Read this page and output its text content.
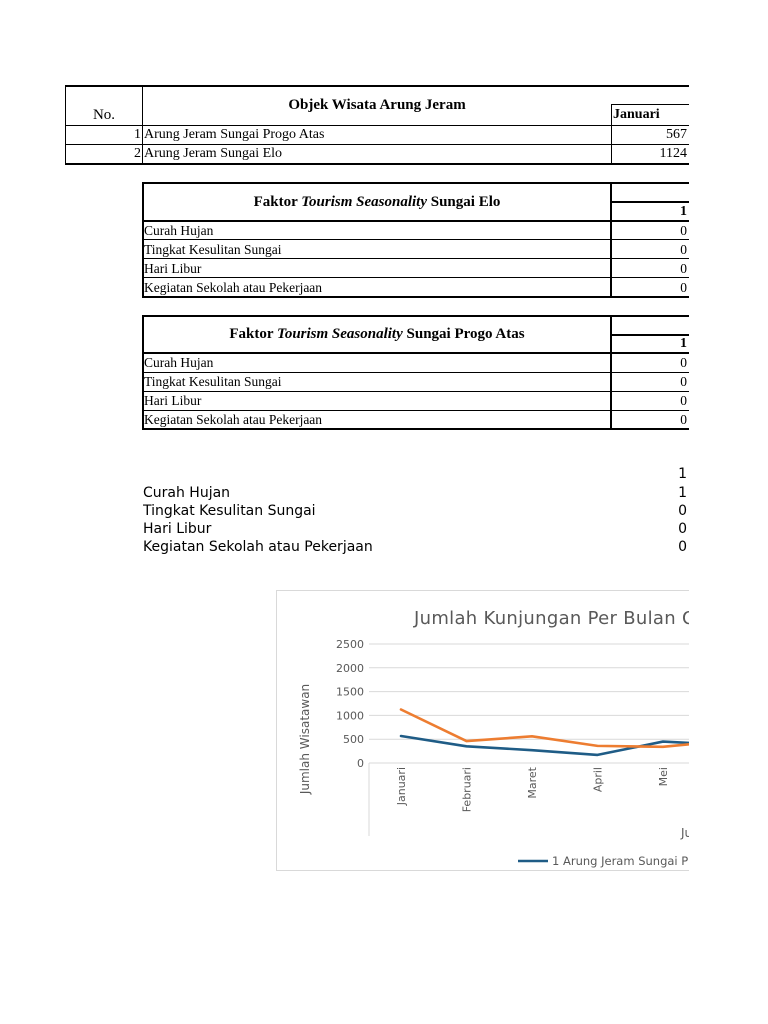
No.
Objek Wisata Arung Jeram
Januari
1 Arung Jeram Sungai Progo Atas	567
2 Arung Jeram Sungai Elo	1124
Faktor Tourism Seasonality Sungai Elo
1
Curah Hujan	0
Tingkat Kesulitan Sungai	0
Hari Libur	0
Kegiatan Sekolah atau Pekerjaan	0
Faktor Tourism Seasonality Sungai Progo Atas
1
Curah Hujan	0
Tingkat Kesulitan Sungai	0
Hari Libur	0
Kegiatan Sekolah atau Pekerjaan	0
1
Curah Hujan	1
Tingkat Kesulitan Sungai	0
Hari Libur	0
Kegiatan Sekolah atau Pekerjaan	0
Jumlah Kunjungan Per Bulan O
0
500
1000
1500
2000
2500
Jumlah Wisatawan	Januari	Februari	Maret	April	Mei
Ju
1 Arung Jeram Sungai P
